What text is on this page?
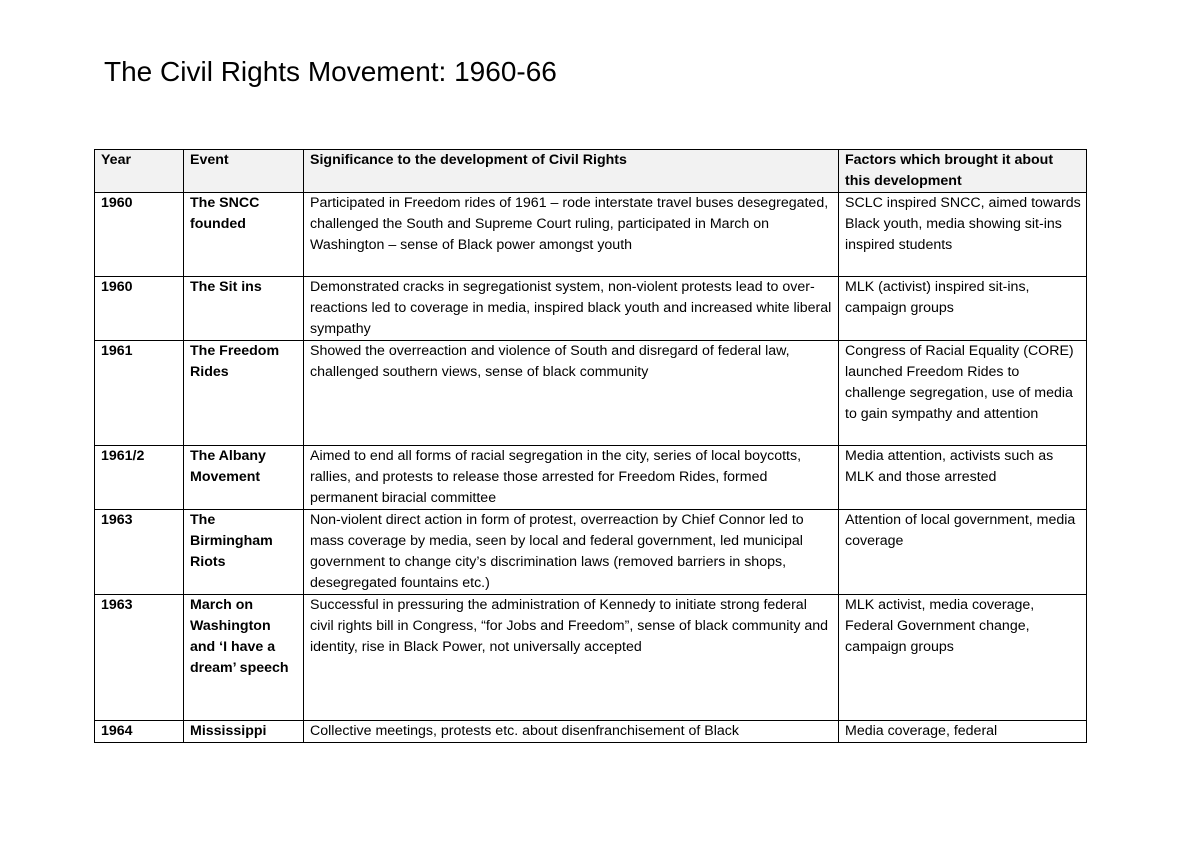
The Civil Rights Movement: 1960-66
Year	Event	Significance to the development of Civil Rights	Factors which brought it about this development
1960	The SNCC founded	Participated in Freedom rides of 1961 – rode interstate travel buses desegregated, challenged the South and Supreme Court ruling, participated in March on Washington – sense of Black power amongst youth	SCLC inspired SNCC, aimed towards Black youth, media showing sit-ins inspired students
1960	The Sit ins	Demonstrated cracks in segregationist system, non-violent protests lead to over-reactions led to coverage in media, inspired black youth and increased white liberal sympathy	MLK (activist) inspired sit-ins, campaign groups
1961	The Freedom Rides	Showed the overreaction and violence of South and disregard of federal law, challenged southern views, sense of black community	Congress of Racial Equality (CORE) launched Freedom Rides to challenge segregation, use of media to gain sympathy and attention
1961/2	The Albany Movement	Aimed to end all forms of racial segregation in the city, series of local boycotts, rallies, and protests to release those arrested for Freedom Rides, formed permanent biracial committee	Media attention, activists such as MLK and those arrested
1963	The Birmingham Riots	Non-violent direct action in form of protest, overreaction by Chief Connor led to mass coverage by media, seen by local and federal government, led municipal government to change city’s discrimination laws (removed barriers in shops, desegregated fountains etc.)	Attention of local government, media coverage
1963	March on Washington and ‘I have a dream’ speech	Successful in pressuring the administration of Kennedy to initiate strong federal civil rights bill in Congress, “for Jobs and Freedom”, sense of black community and identity, rise in Black Power, not universally accepted	MLK activist, media coverage, Federal Government change, campaign groups
1964	Mississippi	Collective meetings, protests etc. about disenfranchisement of Black	Media coverage, federal
